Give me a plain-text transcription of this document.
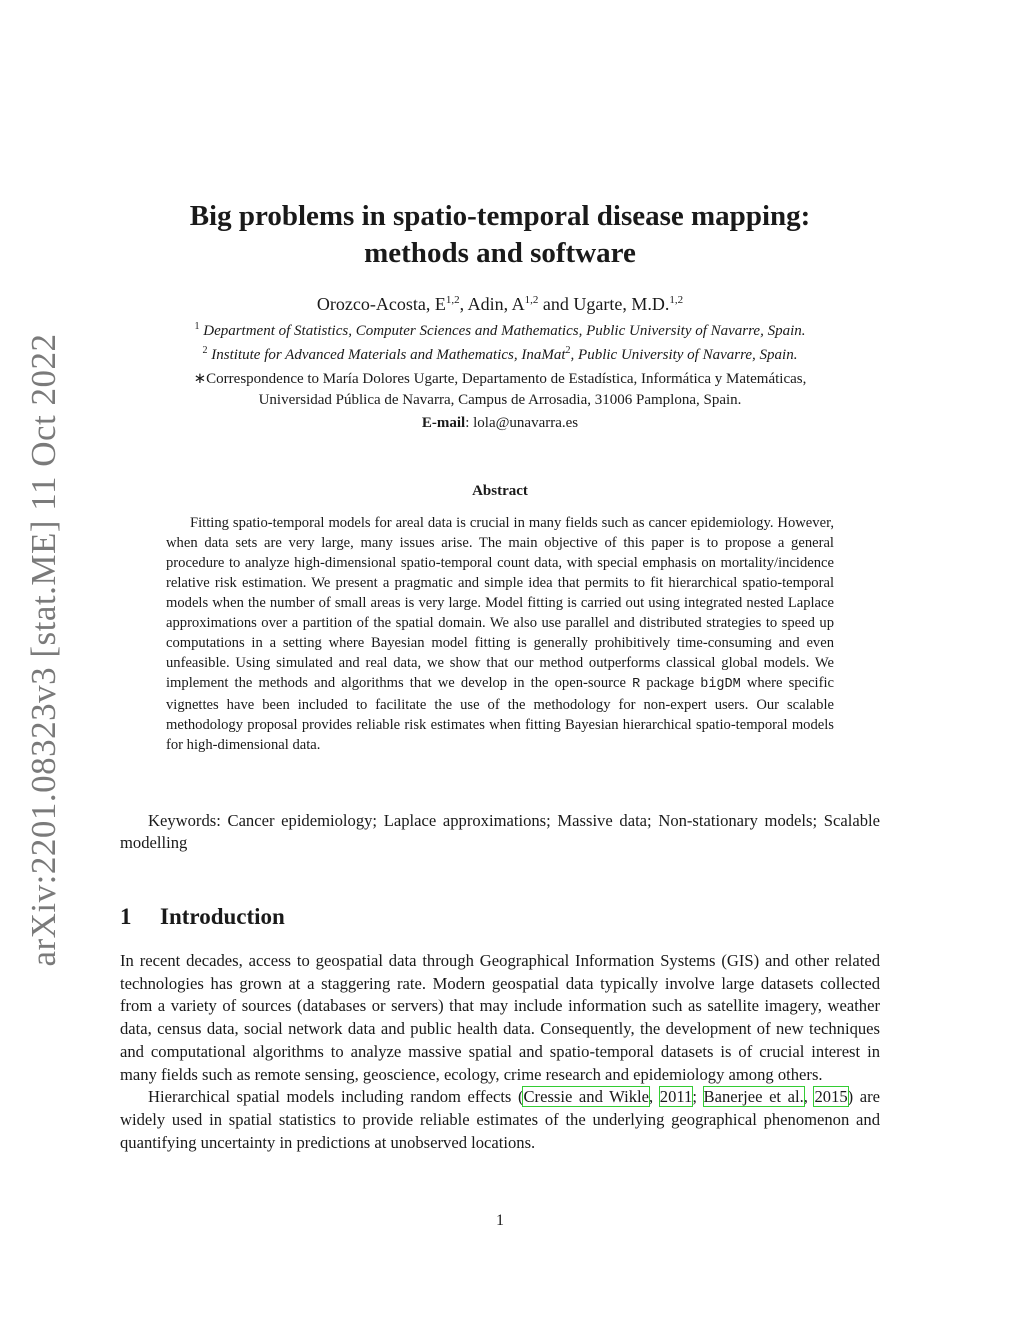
arXiv:2201.08323v3 [stat.ME] 11 Oct 2022
Big problems in spatio-temporal disease mapping:
methods and software
Orozco-Acosta, E$^{1,2}$, Adin, A$^{1,2}$ and Ugarte, M.D.$^{1,2}$
$^1$ Department of Statistics, Computer Sciences and Mathematics, Public University of Navarre, Spain.
$^2$ Institute for Advanced Materials and Mathematics, InaMat$^2$, Public University of Navarre, Spain.
∗Correspondence to María Dolores Ugarte, Departamento de Estadística, Informática y Matemáticas,
Universidad Pública de Navarra, Campus de Arrosadia, 31006 Pamplona, Spain.
E-mail: lola@unavarra.es
Abstract

Fitting spatio-temporal models for areal data is crucial in many fields such as cancer epidemiology. However, when data sets are very large, many issues arise. The main objective of this paper is to propose a general procedure to analyze high-dimensional spatio-temporal count data, with special emphasis on mortality/incidence relative risk estimation. We present a pragmatic and simple idea that permits to fit hierarchical spatio-temporal models when the number of small areas is very large. Model fitting is carried out using integrated nested Laplace approximations over a partition of the spatial domain. We also use parallel and distributed strategies to speed up computations in a setting where Bayesian model fitting is generally prohibitively time-consuming and even unfeasible. Using simulated and real data, we show that our method outperforms classical global models. We implement the methods and algorithms that we develop in the open-source R package bigDM where specific vignettes have been included to facilitate the use of the methodology for non-expert users. Our scalable methodology proposal provides reliable risk estimates when fitting Bayesian hierarchical spatio-temporal models for high-dimensional data.

Keywords: Cancer epidemiology; Laplace approximations; Massive data; Non-stationary models; Scalable modelling

1 Introduction

In recent decades, access to geospatial data through Geographical Information Systems (GIS) and other related technologies has grown at a staggering rate. Modern geospatial data typically involve large datasets collected from a variety of sources (databases or servers) that may include information such as satellite imagery, weather data, census data, social network data and public health data. Consequently, the development of new techniques and computational algorithms to analyze massive spatial and spatio-temporal datasets is of crucial interest in many fields such as remote sensing, geoscience, ecology, crime research and epidemiology among others.

Hierarchical spatial models including random effects (Cressie and Wikle, 2011; Banerjee et al., 2015) are widely used in spatial statistics to provide reliable estimates of the underlying geographical phenomenon and quantifying uncertainty in predictions at unobserved locations.

1
